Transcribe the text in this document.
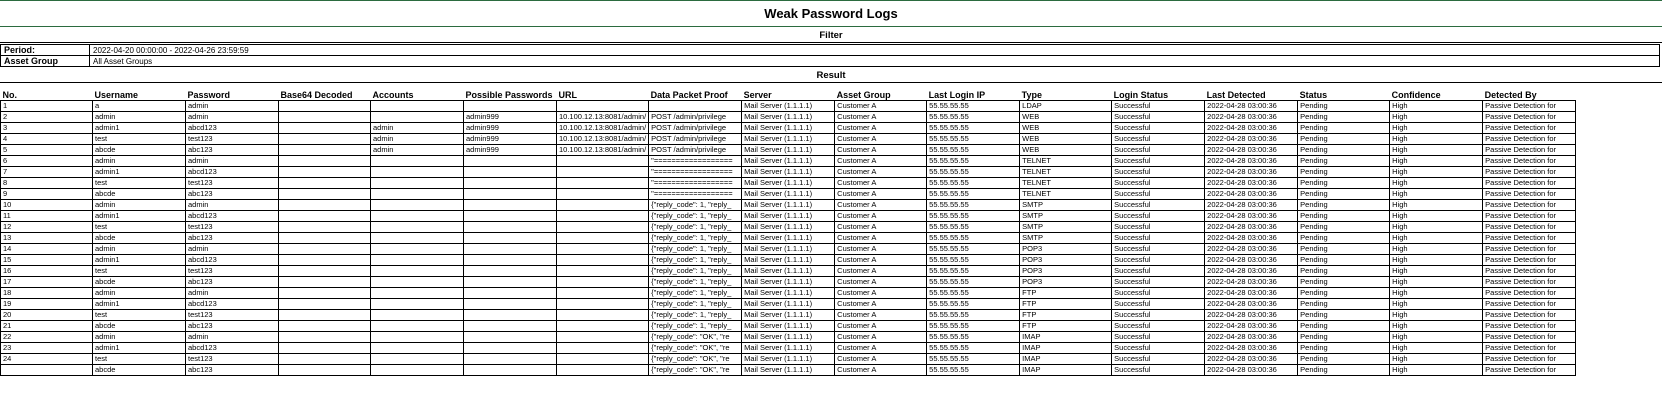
Weak Password Logs
Filter
Period:	2022-04-20 00:00:00 - 2022-04-26 23:59:59
Asset Group	All Asset Groups
Result
No.	Username	Password	Base64 Decoded	Accounts	Possible Passwords	URL	Data Packet Proof	Server	Asset Group	Last Login IP	Type	Login Status	Last Detected	Status	Confidence	Detected By
1	a	admin						Mail Server (1.1.1.1)	Customer A	55.55.55.55	LDAP	Successful	2022-04-28 03:00:36	Pending	High	Passive Detection for
2	admin	admin			admin999	10.100.12.13:8081/admin/	POST /admin/privilege	Mail Server (1.1.1.1)	Customer A	55.55.55.55	WEB	Successful	2022-04-28 03:00:36	Pending	High	Passive Detection for
3	admin1	abcd123		admin	admin999	10.100.12.13:8081/admin/	POST /admin/privilege	Mail Server (1.1.1.1)	Customer A	55.55.55.55	WEB	Successful	2022-04-28 03:00:36	Pending	High	Passive Detection for
4	test	test123		admin	admin999	10.100.12.13:8081/admin/	POST /admin/privilege	Mail Server (1.1.1.1)	Customer A	55.55.55.55	WEB	Successful	2022-04-28 03:00:36	Pending	High	Passive Detection for
5	abcde	abc123		admin	admin999	10.100.12.13:8081/admin/	POST /admin/privilege	Mail Server (1.1.1.1)	Customer A	55.55.55.55	WEB	Successful	2022-04-28 03:00:36	Pending	High	Passive Detection for
6	admin	admin					"==================	Mail Server (1.1.1.1)	Customer A	55.55.55.55	TELNET	Successful	2022-04-28 03:00:36	Pending	High	Passive Detection for
7	admin1	abcd123					"==================	Mail Server (1.1.1.1)	Customer A	55.55.55.55	TELNET	Successful	2022-04-28 03:00:36	Pending	High	Passive Detection for
8	test	test123					"==================	Mail Server (1.1.1.1)	Customer A	55.55.55.55	TELNET	Successful	2022-04-28 03:00:36	Pending	High	Passive Detection for
9	abcde	abc123					"==================	Mail Server (1.1.1.1)	Customer A	55.55.55.55	TELNET	Successful	2022-04-28 03:00:36	Pending	High	Passive Detection for
10	admin	admin					{"reply_code": 1, "reply_	Mail Server (1.1.1.1)	Customer A	55.55.55.55	SMTP	Successful	2022-04-28 03:00:36	Pending	High	Passive Detection for
11	admin1	abcd123					{"reply_code": 1, "reply_	Mail Server (1.1.1.1)	Customer A	55.55.55.55	SMTP	Successful	2022-04-28 03:00:36	Pending	High	Passive Detection for
12	test	test123					{"reply_code": 1, "reply_	Mail Server (1.1.1.1)	Customer A	55.55.55.55	SMTP	Successful	2022-04-28 03:00:36	Pending	High	Passive Detection for
13	abcde	abc123					{"reply_code": 1, "reply_	Mail Server (1.1.1.1)	Customer A	55.55.55.55	SMTP	Successful	2022-04-28 03:00:36	Pending	High	Passive Detection for
14	admin	admin					{"reply_code": 1, "reply_	Mail Server (1.1.1.1)	Customer A	55.55.55.55	POP3	Successful	2022-04-28 03:00:36	Pending	High	Passive Detection for
15	admin1	abcd123					{"reply_code": 1, "reply_	Mail Server (1.1.1.1)	Customer A	55.55.55.55	POP3	Successful	2022-04-28 03:00:36	Pending	High	Passive Detection for
16	test	test123					{"reply_code": 1, "reply_	Mail Server (1.1.1.1)	Customer A	55.55.55.55	POP3	Successful	2022-04-28 03:00:36	Pending	High	Passive Detection for
17	abcde	abc123					{"reply_code": 1, "reply_	Mail Server (1.1.1.1)	Customer A	55.55.55.55	POP3	Successful	2022-04-28 03:00:36	Pending	High	Passive Detection for
18	admin	admin					{"reply_code": 1, "reply_	Mail Server (1.1.1.1)	Customer A	55.55.55.55	FTP	Successful	2022-04-28 03:00:36	Pending	High	Passive Detection for
19	admin1	abcd123					{"reply_code": 1, "reply_	Mail Server (1.1.1.1)	Customer A	55.55.55.55	FTP	Successful	2022-04-28 03:00:36	Pending	High	Passive Detection for
20	test	test123					{"reply_code": 1, "reply_	Mail Server (1.1.1.1)	Customer A	55.55.55.55	FTP	Successful	2022-04-28 03:00:36	Pending	High	Passive Detection for
21	abcde	abc123					{"reply_code": 1, "reply_	Mail Server (1.1.1.1)	Customer A	55.55.55.55	FTP	Successful	2022-04-28 03:00:36	Pending	High	Passive Detection for
22	admin	admin					{"reply_code": "OK", "re	Mail Server (1.1.1.1)	Customer A	55.55.55.55	IMAP	Successful	2022-04-28 03:00:36	Pending	High	Passive Detection for
23	admin1	abcd123					{"reply_code": "OK", "re	Mail Server (1.1.1.1)	Customer A	55.55.55.55	IMAP	Successful	2022-04-28 03:00:36	Pending	High	Passive Detection for
24	test	test123					{"reply_code": "OK", "re	Mail Server (1.1.1.1)	Customer A	55.55.55.55	IMAP	Successful	2022-04-28 03:00:36	Pending	High	Passive Detection for
	abcde	abc123					{"reply_code": "OK", "re	Mail Server (1.1.1.1)	Customer A	55.55.55.55	IMAP	Successful	2022-04-28 03:00:36	Pending	High	Passive Detection for
